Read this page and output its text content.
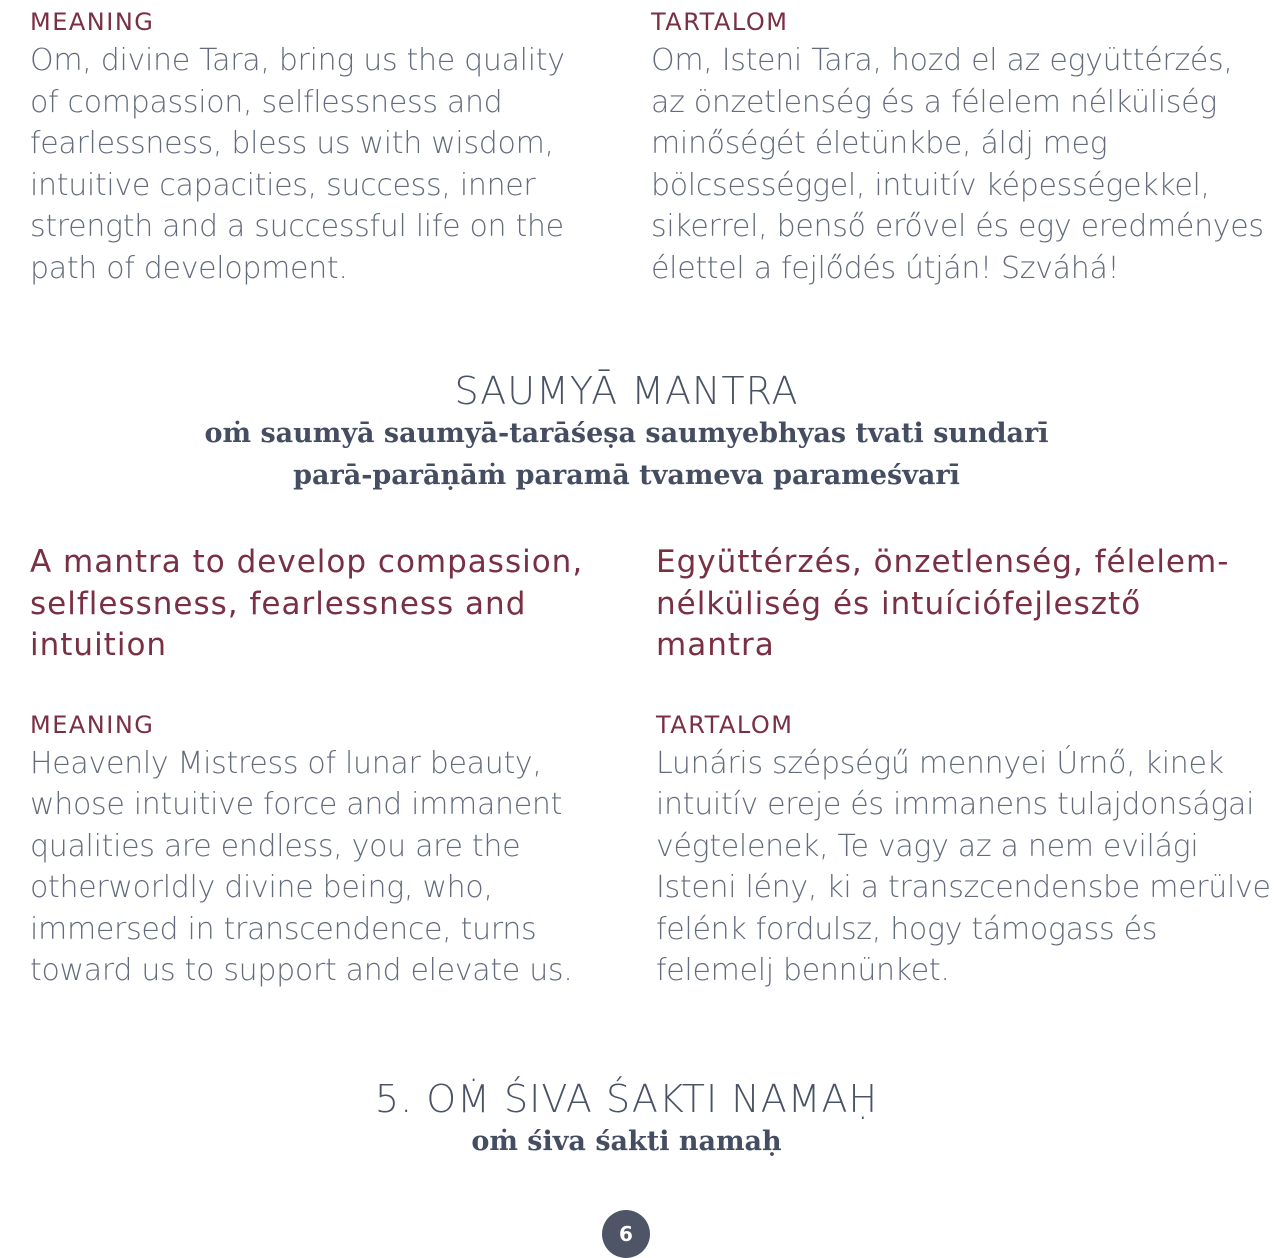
MEANING
Om, divine Tara, bring us the quality
of compassion, selflessness and
fearlessness, bless us with wisdom,
intuitive capacities, success, inner
strength and a successful life on the
path of development.
TARTALOM
Om, Isteni Tara, hozd el az együttérzés,
az önzetlenség és a félelem nélküliség
minőségét életünkbe, áldj meg
bölcsességgel, intuitív képességekkel,
sikerrel, benső erővel és egy eredményes
élettel a fejlődés útján! Szváhá!
SAUMYĀ MANTRA
oṁ saumyā saumyā-tarāśeṣa saumyebhyas tvati sundarī
parā-parāṇāṁ paramā tvameva parameśvarī
A mantra to develop compassion,
selflessness, fearlessness and
intuition
MEANING
Heavenly Mistress of lunar beauty,
whose intuitive force and immanent
qualities are endless, you are the
otherworldly divine being, who,
immersed in transcendence, turns
toward us to support and elevate us.
Együttérzés, önzetlenség, félelem-
nélküliség és intuíciófejlesztő
mantra
TARTALOM
Lunáris szépségű mennyei Úrnő, kinek
intuitív ereje és immanens tulajdonságai
végtelenek, Te vagy az a nem evilági
Isteni lény, ki a transzcendensbe merülve
felénk fordulsz, hogy támogass és
felemelj bennünket.
5. OṀ ŚIVA ŚAKTI NAMAḤ
oṁ śiva śakti namaḥ
6
